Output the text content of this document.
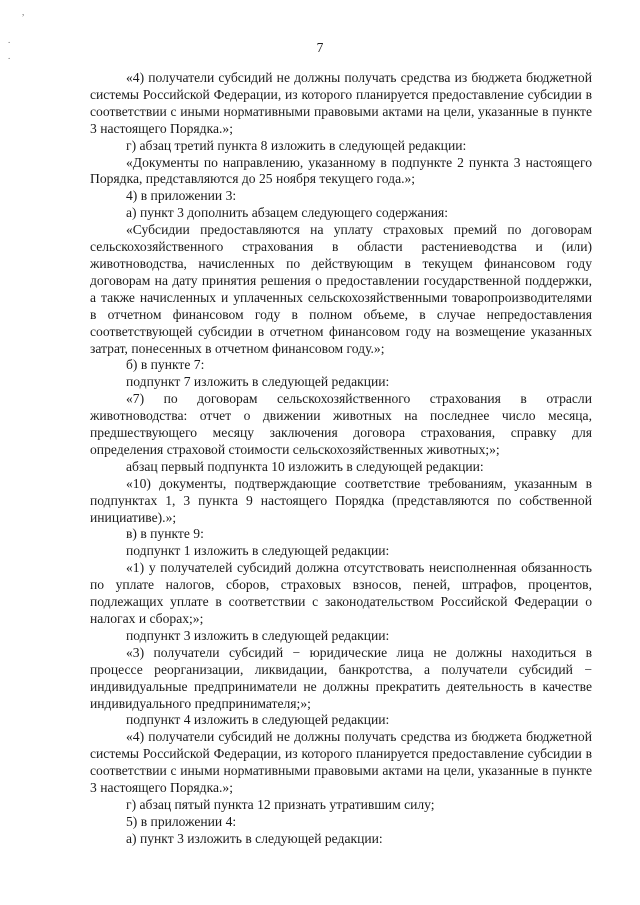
,
.
.
7

«4) получатели субсидий не должны получать средства из бюджета бюджетной системы Российской Федерации, из которого планируется предоставление субсидии в соответствии с иными нормативными правовыми актами на цели, указанные в пункте 3 настоящего Порядка.»;

г) абзац третий пункта 8 изложить в следующей редакции:

«Документы по направлению, указанному в подпункте 2 пункта 3 настоящего Порядка, представляются до 25 ноября текущего года.»;

4) в приложении 3:

а) пункт 3 дополнить абзацем следующего содержания:

«Субсидии предоставляются на уплату страховых премий по договорам сельскохозяйственного страхования в области растениеводства и (или) животноводства, начисленных по действующим в текущем финансовом году договорам на дату принятия решения о предоставлении государственной поддержки, а также начисленных и уплаченных сельскохозяйственными товаропроизводителями в отчетном финансовом году в полном объеме, в случае непредоставления соответствующей субсидии в отчетном финансовом году на возмещение указанных затрат, понесенных в отчетном финансовом году.»;

б) в пункте 7:

подпункт 7 изложить в следующей редакции:

«7) по договорам сельскохозяйственного страхования в отрасли животноводства: отчет о движении животных на последнее число месяца, предшествующего месяцу заключения договора страхования, справку для определения страховой стоимости сельскохозяйственных животных;»;

абзац первый подпункта 10 изложить в следующей редакции:

«10) документы, подтверждающие соответствие требованиям, указанным в подпунктах 1, 3 пункта 9 настоящего Порядка (представляются по собственной инициативе).»;

в) в пункте 9:

подпункт 1 изложить в следующей редакции:

«1) у получателей субсидий должна отсутствовать неисполненная обязанность по уплате налогов, сборов, страховых взносов, пеней, штрафов, процентов, подлежащих уплате в соответствии с законодательством Российской Федерации о налогах и сборах;»;

подпункт 3 изложить в следующей редакции:

«3) получатели субсидий − юридические лица не должны находиться в процессе реорганизации, ликвидации, банкротства, а получатели субсидий − индивидуальные предприниматели не должны прекратить деятельность в качестве индивидуального предпринимателя;»;

подпункт 4 изложить в следующей редакции:

«4) получатели субсидий не должны получать средства из бюджета бюджетной системы Российской Федерации, из которого планируется предоставление субсидии в соответствии с иными нормативными правовыми актами на цели, указанные в пункте 3 настоящего Порядка.»;

г) абзац пятый пункта 12 признать утратившим силу;

5) в приложении 4:

а) пункт 3 изложить в следующей редакции:
